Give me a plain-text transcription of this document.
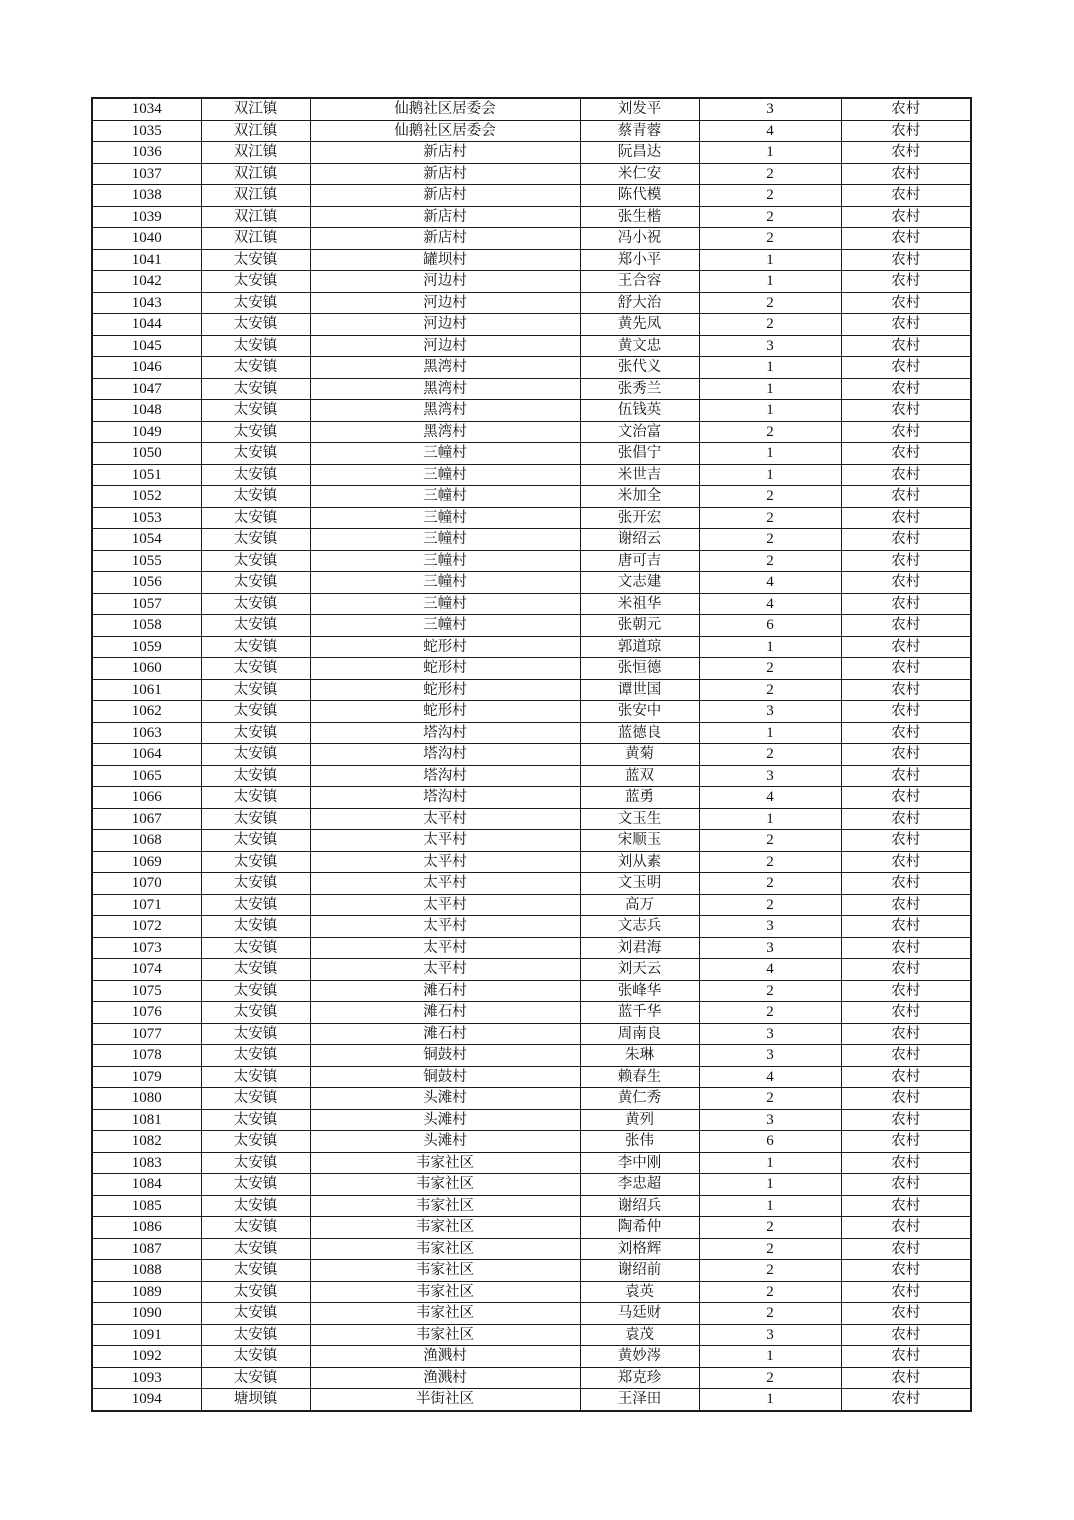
1034	双江镇	仙鹅社区居委会	刘发平	3	农村
1035	双江镇	仙鹅社区居委会	蔡青蓉	4	农村
1036	双江镇	新店村	阮昌达	1	农村
1037	双江镇	新店村	米仁安	2	农村
1038	双江镇	新店村	陈代模	2	农村
1039	双江镇	新店村	张生楷	2	农村
1040	双江镇	新店村	冯小祝	2	农村
1041	太安镇	罐坝村	郑小平	1	农村
1042	太安镇	河边村	王合容	1	农村
1043	太安镇	河边村	舒大治	2	农村
1044	太安镇	河边村	黄先凤	2	农村
1045	太安镇	河边村	黄文忠	3	农村
1046	太安镇	黑湾村	张代义	1	农村
1047	太安镇	黑湾村	张秀兰	1	农村
1048	太安镇	黑湾村	伍钱英	1	农村
1049	太安镇	黑湾村	文治富	2	农村
1050	太安镇	三幢村	张倡宁	1	农村
1051	太安镇	三幢村	米世吉	1	农村
1052	太安镇	三幢村	米加全	2	农村
1053	太安镇	三幢村	张开宏	2	农村
1054	太安镇	三幢村	谢绍云	2	农村
1055	太安镇	三幢村	唐可吉	2	农村
1056	太安镇	三幢村	文志建	4	农村
1057	太安镇	三幢村	米祖华	4	农村
1058	太安镇	三幢村	张朝元	6	农村
1059	太安镇	蛇形村	郭道琼	1	农村
1060	太安镇	蛇形村	张恒德	2	农村
1061	太安镇	蛇形村	谭世国	2	农村
1062	太安镇	蛇形村	张安中	3	农村
1063	太安镇	塔沟村	蓝德良	1	农村
1064	太安镇	塔沟村	黄菊	2	农村
1065	太安镇	塔沟村	蓝双	3	农村
1066	太安镇	塔沟村	蓝勇	4	农村
1067	太安镇	太平村	文玉生	1	农村
1068	太安镇	太平村	宋顺玉	2	农村
1069	太安镇	太平村	刘从素	2	农村
1070	太安镇	太平村	文玉明	2	农村
1071	太安镇	太平村	高万	2	农村
1072	太安镇	太平村	文志兵	3	农村
1073	太安镇	太平村	刘君海	3	农村
1074	太安镇	太平村	刘天云	4	农村
1075	太安镇	滩石村	张峰华	2	农村
1076	太安镇	滩石村	蓝千华	2	农村
1077	太安镇	滩石村	周南良	3	农村
1078	太安镇	铜鼓村	朱琳	3	农村
1079	太安镇	铜鼓村	赖春生	4	农村
1080	太安镇	头滩村	黄仁秀	2	农村
1081	太安镇	头滩村	黄列	3	农村
1082	太安镇	头滩村	张伟	6	农村
1083	太安镇	韦家社区	李中刚	1	农村
1084	太安镇	韦家社区	李忠超	1	农村
1085	太安镇	韦家社区	谢绍兵	1	农村
1086	太安镇	韦家社区	陶希仲	2	农村
1087	太安镇	韦家社区	刘格辉	2	农村
1088	太安镇	韦家社区	谢绍前	2	农村
1089	太安镇	韦家社区	袁英	2	农村
1090	太安镇	韦家社区	马廷财	2	农村
1091	太安镇	韦家社区	袁茂	3	农村
1092	太安镇	渔溅村	黄妙涔	1	农村
1093	太安镇	渔溅村	郑克珍	2	农村
1094	塘坝镇	半街社区	王泽田	1	农村
